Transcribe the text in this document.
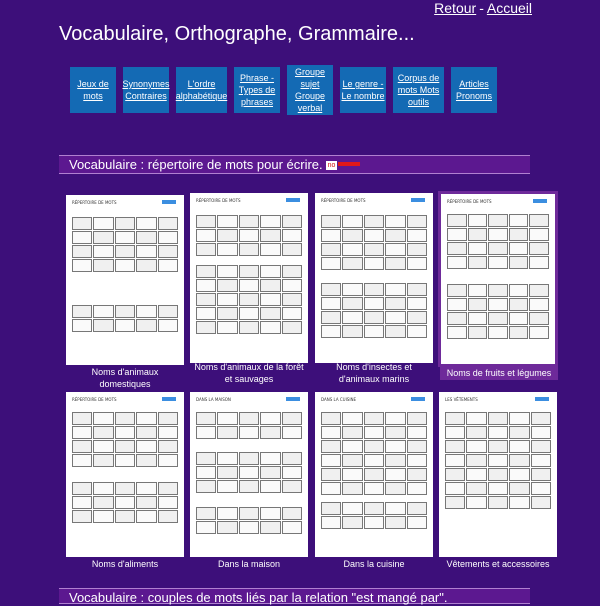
Retour - Accueil
Vocabulaire, Orthographe, Grammaire...
Jeux de mots
Synonymes Contraires
L'ordre alphabétique
Phrase - Types de phrases
Groupe sujet Groupe verbal
Le genre - Le nombre
Corpus de mots Mots outils
Articles Pronoms
Vocabulaire : répertoire de mots pour écrire. no
RÉPERTOIRE DE MOTS
Noms d'animaux domestiques
RÉPERTOIRE DE MOTS
Noms d'animaux de la forêt et sauvages
RÉPERTOIRE DE MOTS
Noms d'insectes et d'animaux marins
RÉPERTOIRE DE MOTS
Noms de fruits et légumes
RÉPERTOIRE DE MOTS
Noms d'aliments
DANS LA MAISON
Dans la maison
DANS LA CUISINE
Dans la cuisine
LES VÊTEMENTS
Vêtements et accessoires
Vocabulaire : couples de mots liés par la relation "est mangé par".
